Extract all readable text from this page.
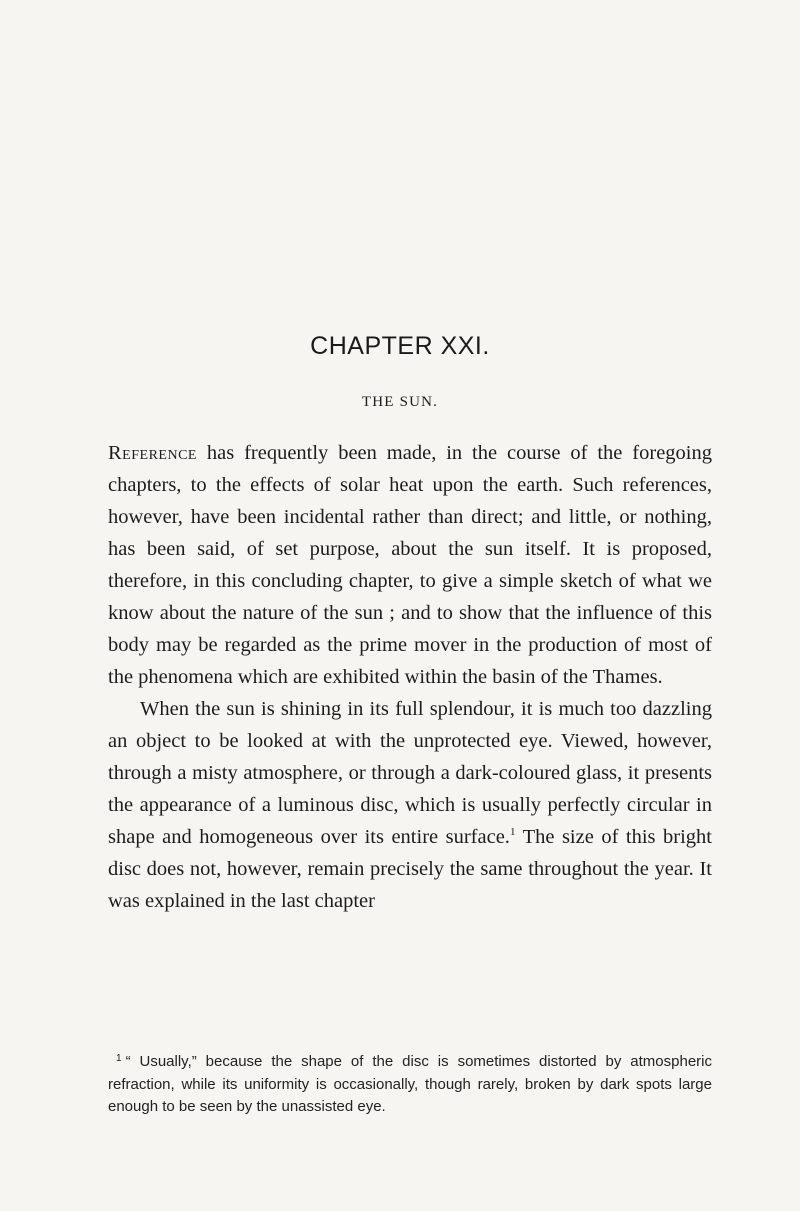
CHAPTER XXI.
THE SUN.

Reference has frequently been made, in the course of the foregoing chapters, to the effects of solar heat upon the earth. Such references, however, have been incidental rather than direct; and little, or nothing, has been said, of set purpose, about the sun itself. It is proposed, therefore, in this concluding chapter, to give a simple sketch of what we know about the nature of the sun ; and to show that the influence of this body may be regarded as the prime mover in the production of most of the phenomena which are exhibited within the basin of the Thames.

When the sun is shining in its full splendour, it is much too dazzling an object to be looked at with the unprotected eye. Viewed, however, through a misty atmosphere, or through a dark-coloured glass, it presents the appearance of a luminous disc, which is usually perfectly circular in shape and homogeneous over its entire surface.$^1$ The size of this bright disc does not, however, remain precisely the same throughout the year. It was explained in the last chapter

$^1$ “ Usually,” because the shape of the disc is sometimes distorted by atmospheric refraction, while its uniformity is occasionally, though rarely, broken by dark spots large enough to be seen by the unassisted eye.
